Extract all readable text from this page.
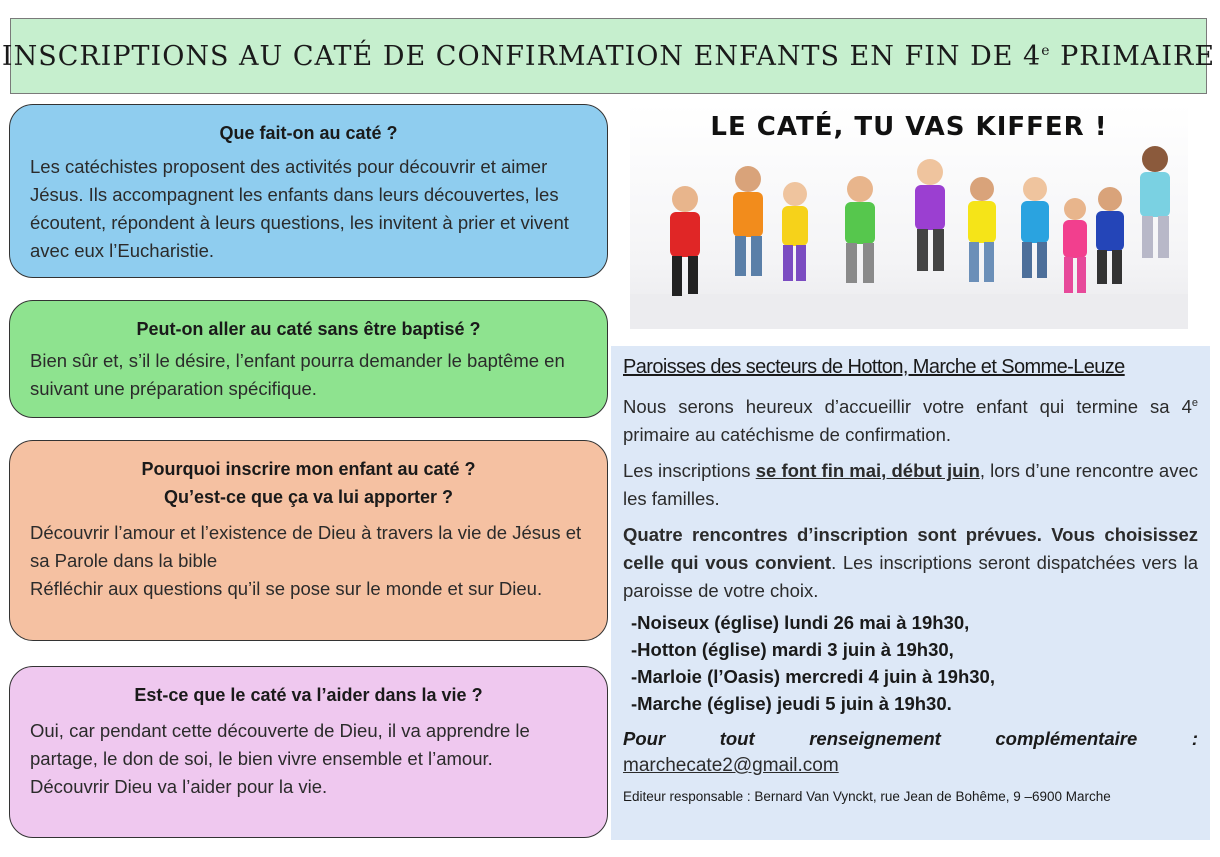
INSCRIPTIONS AU CATÉ DE CONFIRMATION ENFANTS EN FIN DE 4e PRIMAIRE
Que fait-on au caté ?

Les catéchistes proposent des activités pour découvrir et aimer Jésus. Ils accompagnent les enfants dans leurs découvertes, les écoutent, répondent à leurs questions, les invitent à prier et vivent avec eux l’Eucharistie.

Peut-on aller au caté sans être baptisé ?

Bien sûr et, s’il le désire, l’enfant pourra demander le baptême en suivant une préparation spécifique.

Pourquoi inscrire mon enfant au caté ?
Qu’est-ce que ça va lui apporter ?

Découvrir l’amour et l’existence de Dieu à travers la vie de Jésus et sa Parole dans la bible

Réfléchir aux questions qu’il se pose sur le monde et sur Dieu.

Est-ce que le caté va l’aider dans la vie ?

Oui, car pendant cette découverte de Dieu, il va apprendre le partage, le don de soi, le bien vivre ensemble et l’amour.

Découvrir Dieu va l’aider pour la vie.

LE CATÉ, TU VAS KIFFER !
Paroisses des secteurs de Hotton, Marche et Somme-Leuze

Nous serons heureux d’accueillir votre enfant qui termine sa 4e primaire au catéchisme de confirmation.

Les inscriptions se font fin mai, début juin, lors d’une rencontre avec les familles.

Quatre rencontres d’inscription sont prévues. Vous choisissez celle qui vous convient. Les inscriptions seront dispatchées vers la paroisse de votre choix.

-Noiseux (église) lundi 26 mai à 19h30,
-Hotton (église) mardi 3 juin à 19h30,
-Marloie (l’Oasis) mercredi 4 juin à 19h30,
-Marche (église) jeudi 5 juin à 19h30.
Pour	tout	renseignement	complémentaire	:
marchecate2@gmail.com
Editeur responsable : Bernard Van Vynckt, rue Jean de Bohême, 9 –6900 Marche
